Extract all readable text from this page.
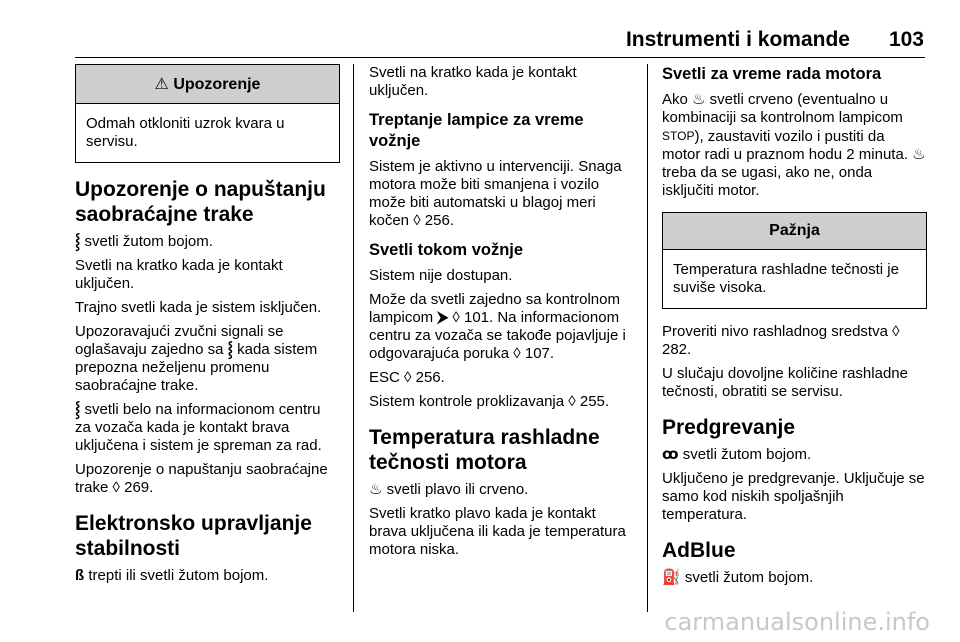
Instrumenti i komande 103
⚠ Upozorenje
Odmah otkloniti uzrok kvara u servisu.
Upozorenje o napuštanju saobraćajne trake

⸾ svetli žutom bojom.

Svetli na kratko kada je kontakt uključen.

Trajno svetli kada je sistem isključen.

Upozoravajući zvučni signali se oglašavaju zajedno sa ⸾ kada sistem prepozna neželjenu promenu saobraćajne trake.

⸾ svetli belo na informacionom centru za vozača kada je kontakt brava uključena i sistem je spreman za rad.

Upozorenje o napuštanju saobraćajne trake ◊ 269.

Elektronsko upravljanje stabilnosti

ß trepti ili svetli žutom bojom.

Svetli na kratko kada je kontakt uključen.

Treptanje lampice za vreme vožnje

Sistem je aktivno u intervenciji. Snaga motora može biti smanjena i vozilo može biti automatski u blagoj meri kočen ◊ 256.

Svetli tokom vožnje

Sistem nije dostupan.

Može da svetli zajedno sa kontrolnom lampicom ⮞ ◊ 101. Na informacionom centru za vozača se takođe pojavljuje i odgovarajuća poruka ◊ 107.

ESC ◊ 256.

Sistem kontrole proklizavanja ◊ 255.

Temperatura rashladne tečnosti motora

♨ svetli plavo ili crveno.

Svetli kratko plavo kada je kontakt brava uključena ili kada je temperatura motora niska.

Svetli za vreme rada motora

Ako ♨ svetli crveno (eventualno u kombinaciji sa kontrolnom lampicom STOP), zaustaviti vozilo i pustiti da motor radi u praznom hodu 2 minuta. ♨ treba da se ugasi, ako ne, onda isključiti motor.

Pažnja
Temperatura rashladne tečnosti je suviše visoka.

Proveriti nivo rashladnog sredstva ◊ 282.

U slučaju dovoljne količine rashladne tečnosti, obratiti se servisu.

Predgrevanje

ꝏ svetli žutom bojom.

Uključeno je predgrevanje. Uključuje se samo kod niskih spoljašnjih temperatura.

AdBlue

⛽ svetli žutom bojom.

carmanualsonline.info
